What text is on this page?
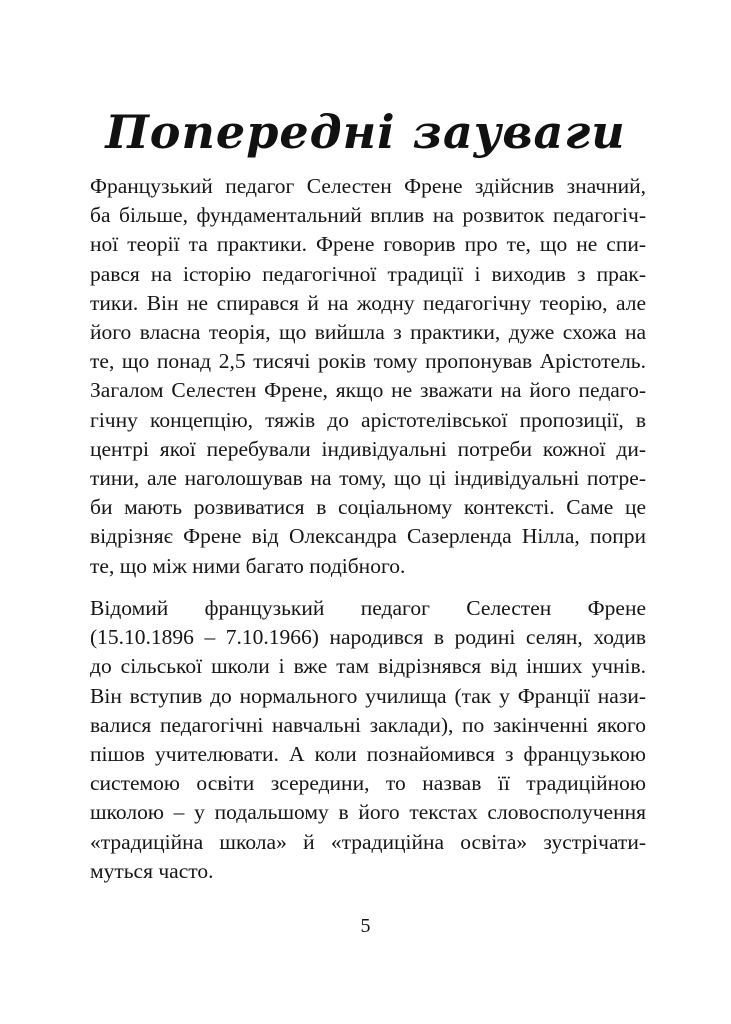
Попередні зауваги
Французький педагог Селестен Френе здійснив значний,
ба більше, фундаментальний вплив на розвиток педагогіч-
ної теорії та практики. Френе говорив про те, що не спи-
рався на історію педагогічної традиції і виходив з прак-
тики. Він не спирався й на жодну педагогічну теорію, але
його власна теорія, що вийшла з практики, дуже схожа на
те, що понад 2,5 тисячі років тому пропонував Арістотель.
Загалом Селестен Френе, якщо не зважати на його педаго-
гічну концепцію, тяжів до арістотелівської пропозиції, в
центрі якої перебували індивідуальні потреби кожної ди-
тини, але наголошував на тому, що ці індивідуальні потре-
би мають розвиватися в соціальному контексті. Саме це
відрізняє Френе від Олександра Сазерленда Нілла, попри
те, що між ними багато подібного.
Відомий французький педагог Селестен Френе
(15.10.1896 – 7.10.1966) народився в родині селян, ходив
до сільської школи і вже там відрізнявся від інших учнів.
Він вступив до нормального училища (так у Франції нази-
валися педагогічні навчальні заклади), по закінченні якого
пішов учителювати. А коли познайомився з французькою
системою освіти зсередини, то назвав її традиційною
школою – у подальшому в його текстах словосполучення
«традиційна школа» й «традиційна освіта» зустрічати-
муться часто.
5
